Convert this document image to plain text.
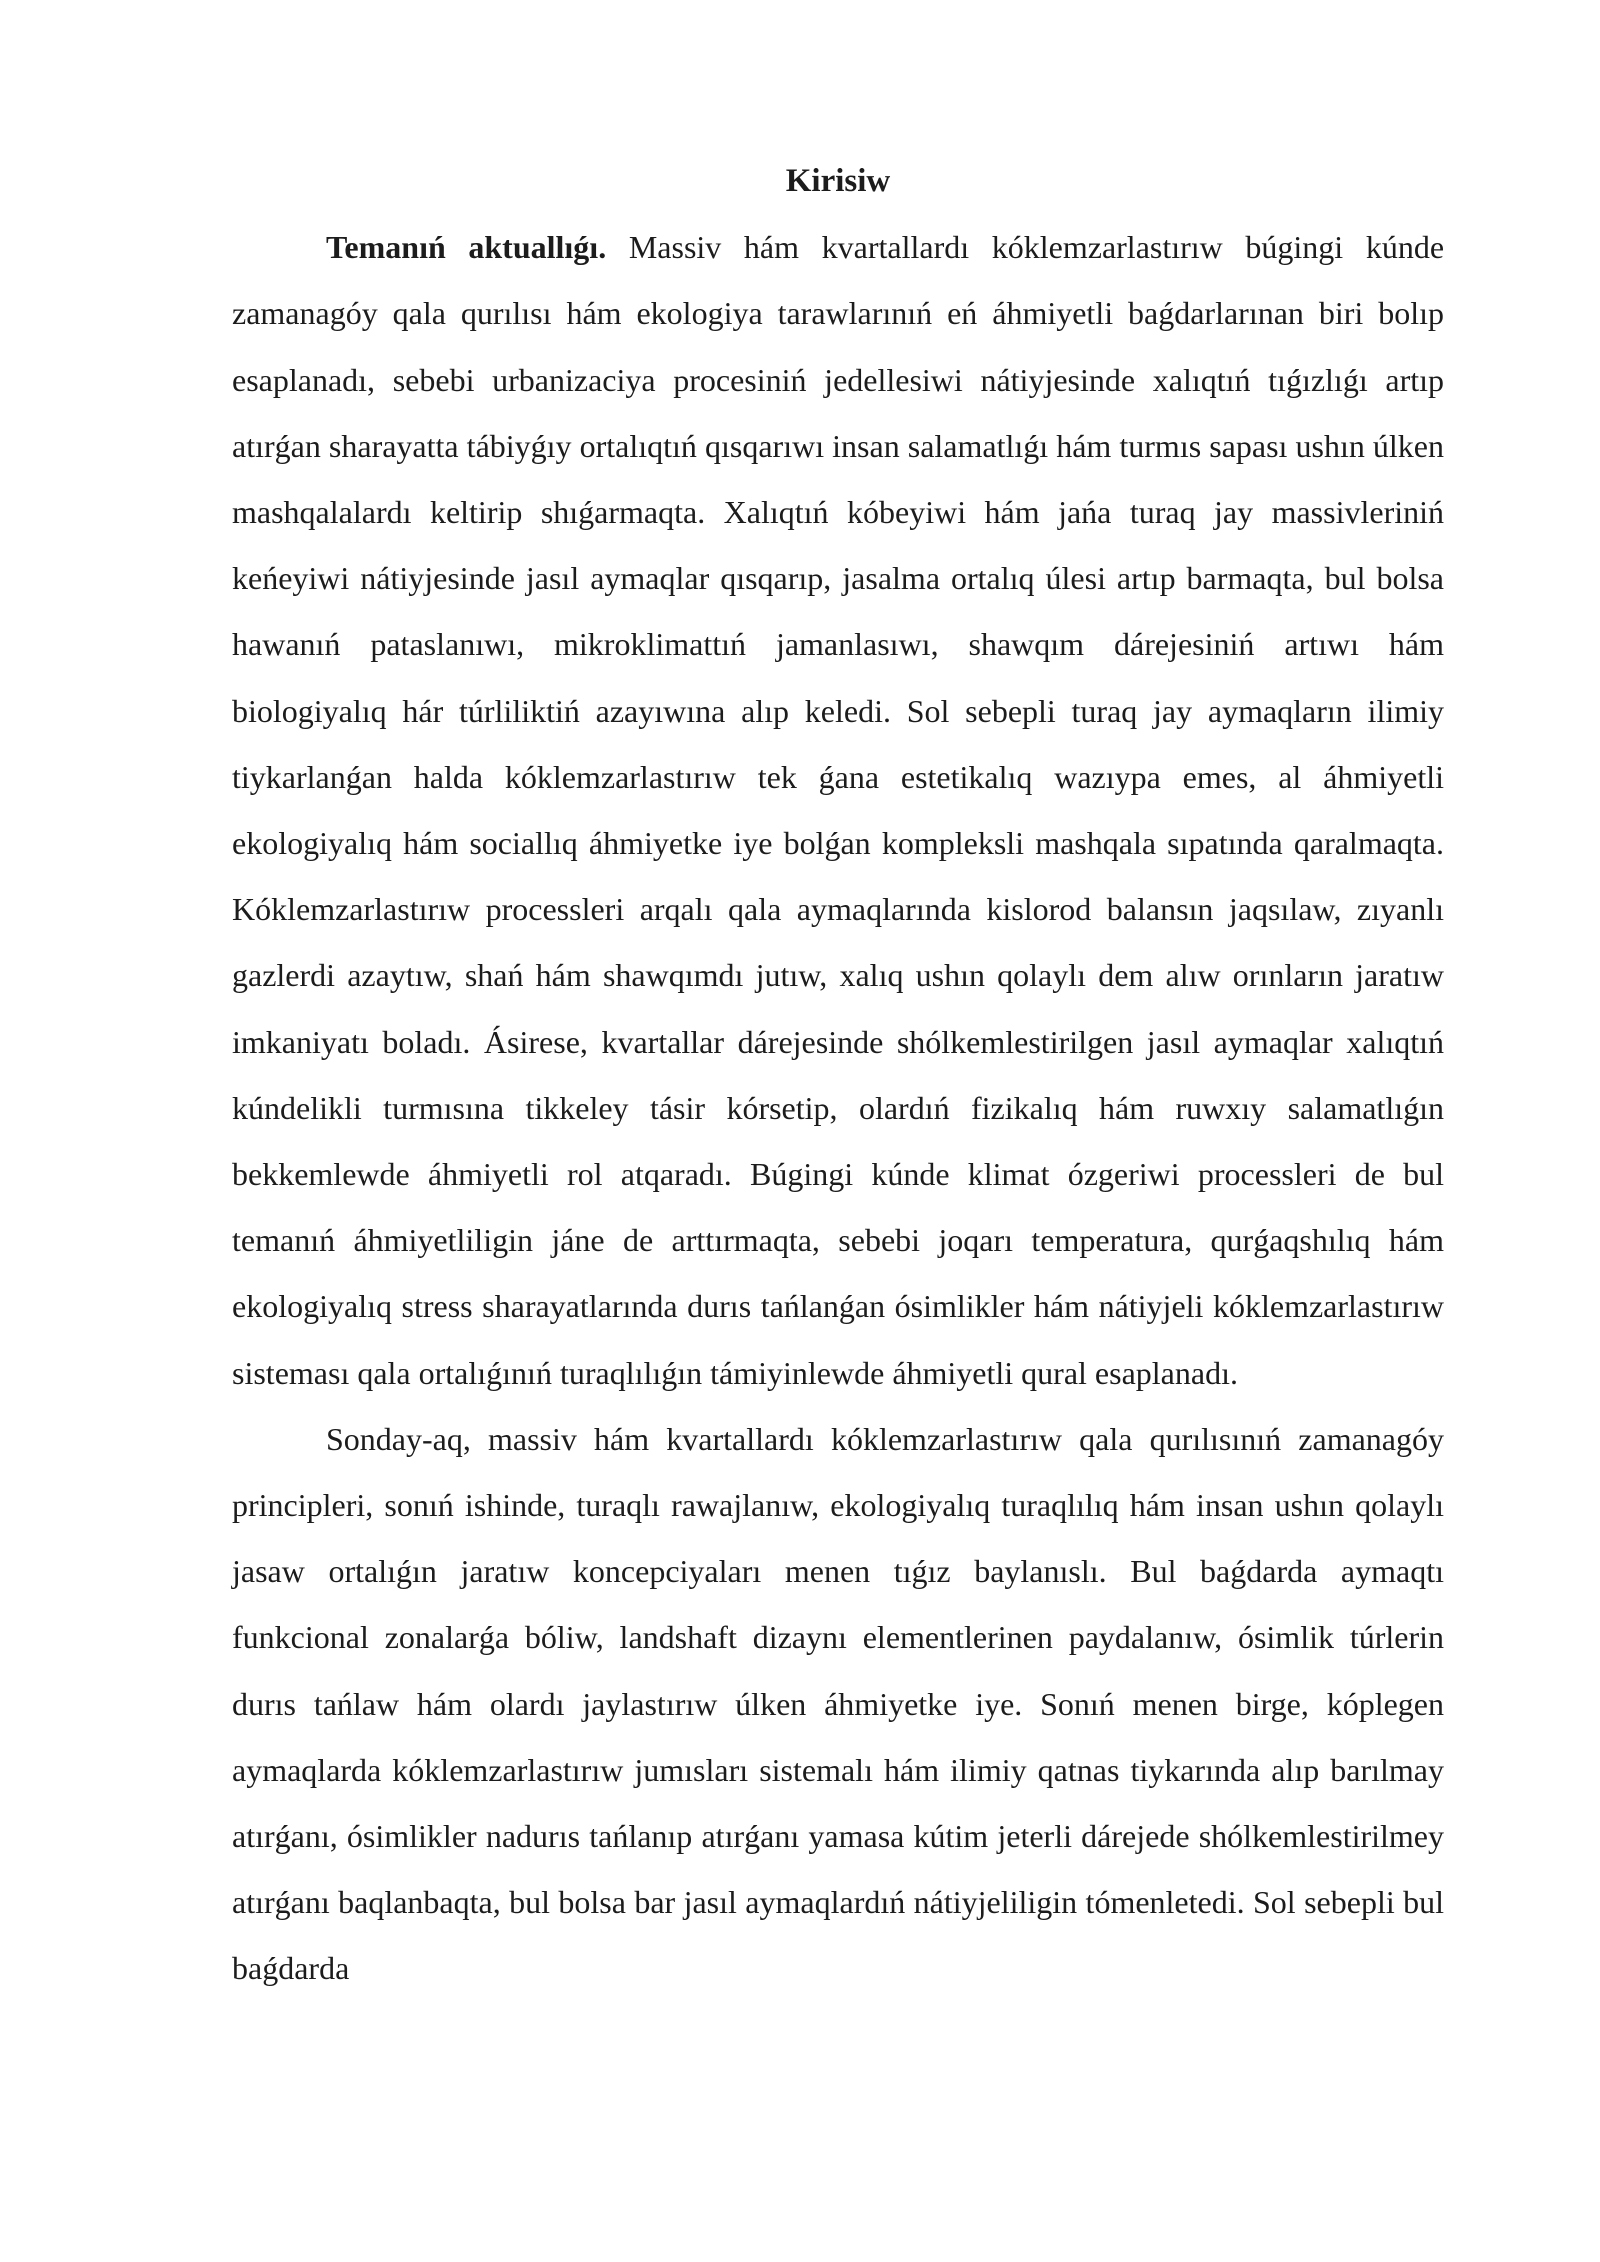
Kirisiw

Temanıń aktuallıǵı. Massiv hám kvartallardı kóklemzarlastırıw búgingi kúnde zamanagóy qala qurılısı hám ekologiya tarawlarınıń eń áhmiyetli baǵdarlarınan biri bolıp esaplanadı, sebebi urbanizaciya procesiniń jedellesiwi nátiyjesinde xalıqtıń tıǵızlıǵı artıp atırǵan sharayatta tábiyǵıy ortalıqtıń qısqarıwı insan salamatlıǵı hám turmıs sapası ushın úlken mashqalalardı keltirip shıǵarmaqta. Xalıqtıń kóbeyiwi hám jańa turaq jay massivleriniń keńeyiwi nátiyjesinde jasıl aymaqlar qısqarıp, jasalma ortalıq úlesi artıp barmaqta, bul bolsa hawanıń pataslanıwı, mikroklimattıń jamanlasıwı, shawqım dárejesiniń artıwı hám biologiyalıq hár túrliliktiń azayıwına alıp keledi. Sol sebepli turaq jay aymaqların ilimiy tiykarlanǵan halda kóklemzarlastırıw tek ǵana estetikalıq wazıypa emes, al áhmiyetli ekologiyalıq hám sociallıq áhmiyetke iye bolǵan kompleksli mashqala sıpatında qaralmaqta. Kóklemzarlastırıw processleri arqalı qala aymaqlarında kislorod balansın jaqsılaw, zıyanlı gazlerdi azaytıw, shań hám shawqımdı jutıw, xalıq ushın qolaylı dem alıw orınların jaratıw imkaniyatı boladı. Ásirese, kvartallar dárejesinde shólkemlestirilgen jasıl aymaqlar xalıqtıń kúndelikli turmısına tikkeley tásir kórsetip, olardıń fizikalıq hám ruwxıy salamatlıǵın bekkemlewde áhmiyetli rol atqaradı. Búgingi kúnde klimat ózgeriwi processleri de bul temanıń áhmiyetliligin jáne de arttırmaqta, sebebi joqarı temperatura, qurǵaqshılıq hám ekologiyalıq stress sharayatlarında durıs tańlanǵan ósimlikler hám nátiyjeli kóklemzarlastırıw sisteması qala ortalıǵınıń turaqlılıǵın támiyinlewde áhmiyetli qural esaplanadı.

Sonday-aq, massiv hám kvartallardı kóklemzarlastırıw qala qurılısınıń zamanagóy principleri, sonıń ishinde, turaqlı rawajlanıw, ekologiyalıq turaqlılıq hám insan ushın qolaylı jasaw ortalıǵın jaratıw koncepciyaları menen tıǵız baylanıslı. Bul baǵdarda aymaqtı funkcional zonalarǵa bóliw, landshaft dizaynı elementlerinen paydalanıw, ósimlik túrlerin durıs tańlaw hám olardı jaylastırıw úlken áhmiyetke iye. Sonıń menen birge, kóplegen aymaqlarda kóklemzarlastırıw jumısları sistemalı hám ilimiy qatnas tiykarında alıp barılmay atırǵanı, ósimlikler nadurıs tańlanıp atırǵanı yamasa kútim jeterli dárejede shólkemlestirilmey atırǵanı baqlanbaqta, bul bolsa bar jasıl aymaqlardıń nátiyjeliligin tómenletedi. Sol sebepli bul baǵdarda
